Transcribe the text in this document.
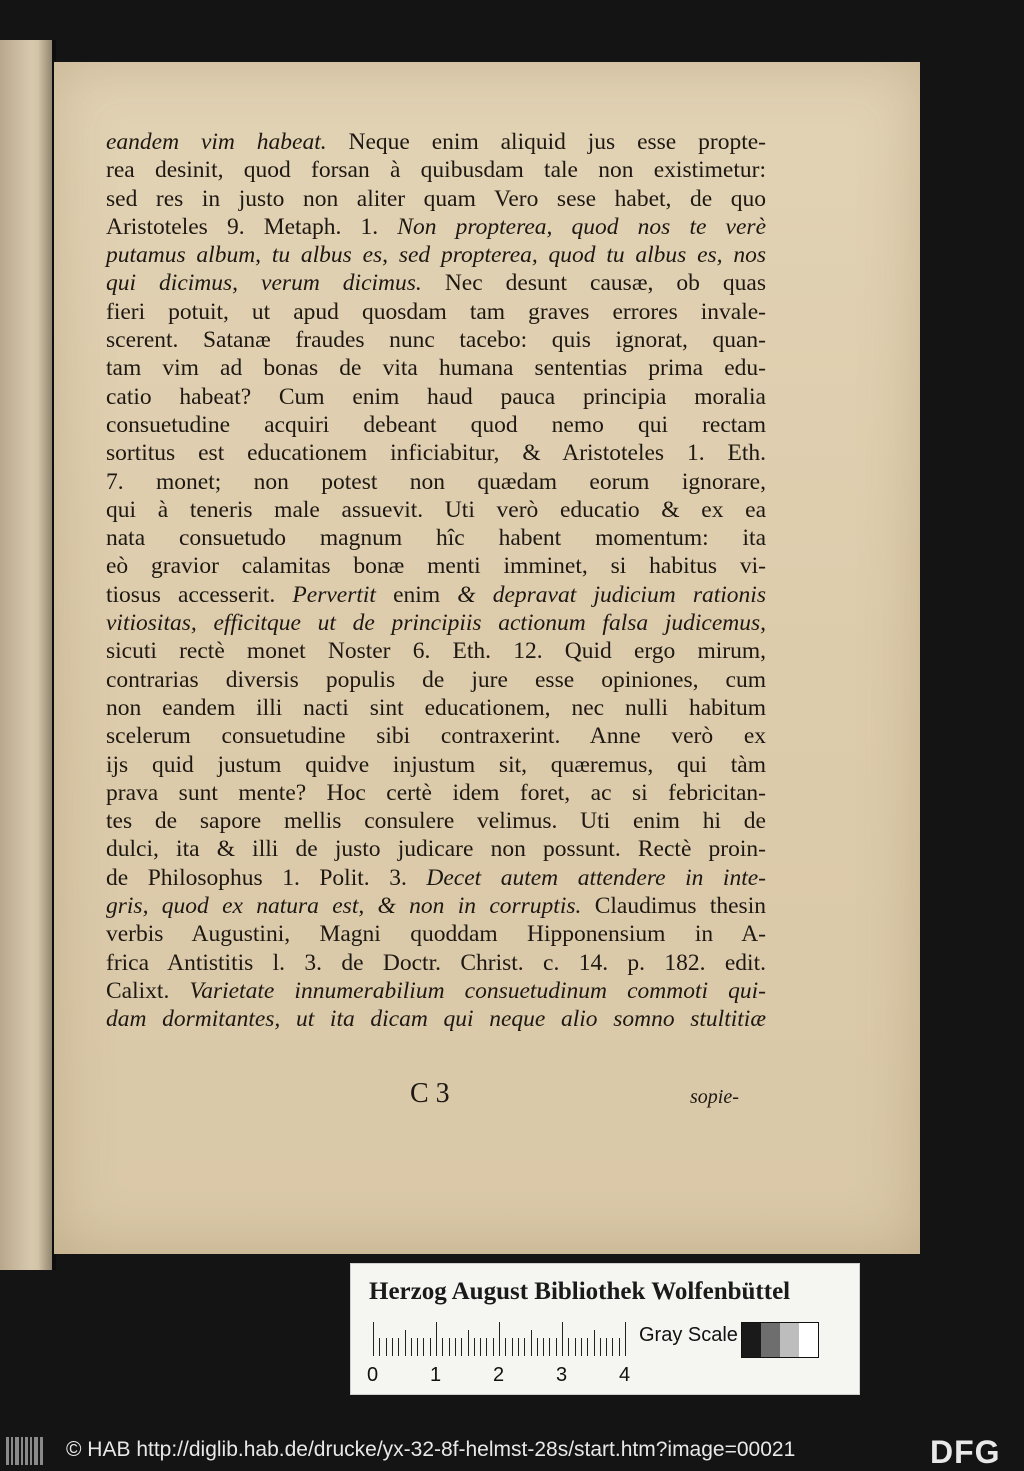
eandem vim habeat. Neque enim aliquid jus esse propte-
rea desinit, quod forsan à quibusdam tale non existimetur:
sed res in justo non aliter quam Vero sese habet, de quo
Aristoteles 9. Metaph. 1. Non propterea, quod nos te verè
putamus album, tu albus es, sed propterea, quod tu albus es, nos
qui dicimus, verum dicimus. Nec desunt causæ, ob quas
fieri potuit, ut apud quosdam tam graves errores invale-
scerent. Satanæ fraudes nunc tacebo: quis ignorat, quan-
tam vim ad bonas de vita humana sententias prima edu-
catio habeat? Cum enim haud pauca principia moralia
consuetudine acquiri debeant quod nemo qui rectam
sortitus est educationem inficiabitur, & Aristoteles 1. Eth.
7. monet; non potest non quædam eorum ignorare,
qui à teneris male assuevit. Uti verò educatio & ex ea
nata consuetudo magnum hîc habent momentum: ita
eò gravior calamitas bonæ menti imminet, si habitus vi-
tiosus accesserit. Pervertit enim & depravat judicium rationis
vitiositas, efficitque ut de principiis actionum falsa judicemus,
sicuti rectè monet Noster 6. Eth. 12. Quid ergo mirum,
contrarias diversis populis de jure esse opiniones, cum
non eandem illi nacti sint educationem, nec nulli habitum
scelerum consuetudine sibi contraxerint. Anne verò ex
ijs quid justum quidve injustum sit, quæremus, qui tàm
prava sunt mente? Hoc certè idem foret, ac si febricitan-
tes de sapore mellis consulere velimus. Uti enim hi de
dulci, ita & illi de justo judicare non possunt. Rectè proin-
de Philosophus 1. Polit. 3. Decet autem attendere in inte-
gris, quod ex natura est, & non in corruptis. Claudimus thesin
verbis Augustini, Magni quoddam Hipponensium in A-
frica Antistitis l. 3. de Doctr. Christ. c. 14. p. 182. edit.
Calixt. Varietate innumerabilium consuetudinum commoti qui-
dam dormitantes, ut ita dicam qui neque alio somno stultitiæ
C 3	sopie-
Herzog August Bibliothek Wolfenbüttel
0	1	2	3	4
Gray Scale
© HAB http://diglib.hab.de/drucke/yx-32-8f-helmst-28s/start.htm?image=00021	DFG
